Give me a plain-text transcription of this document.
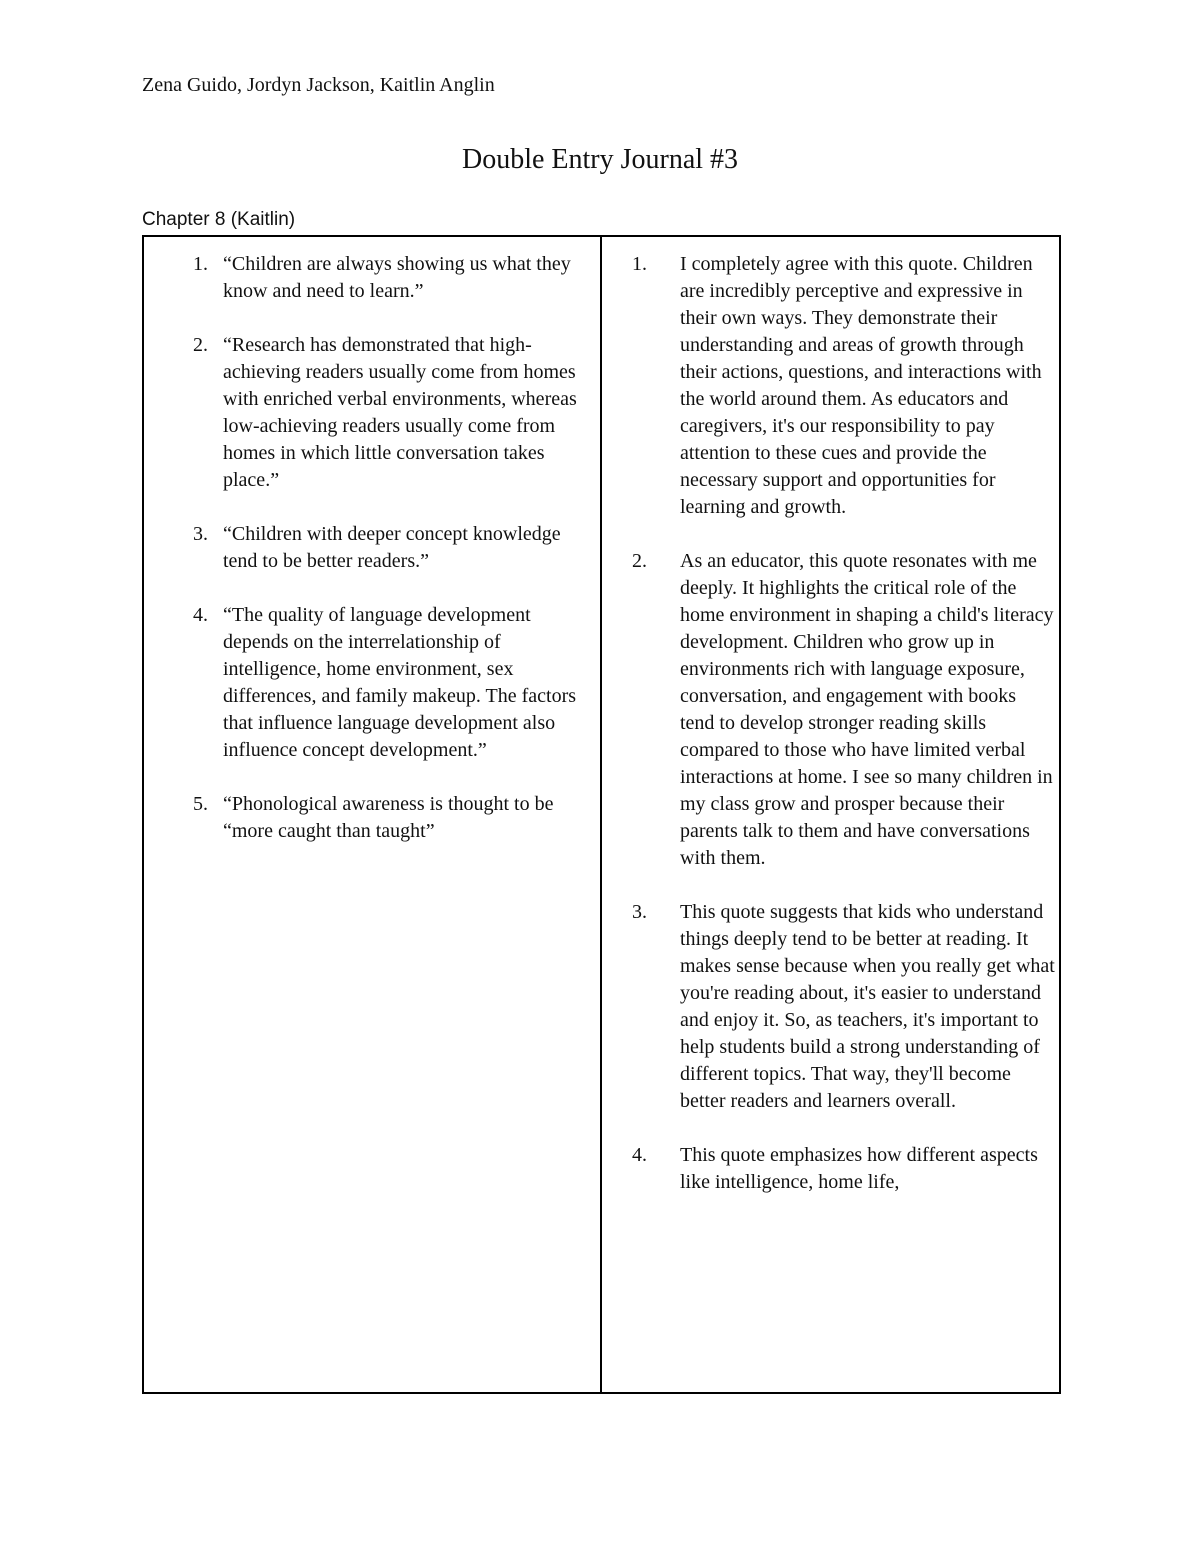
Zena Guido, Jordyn Jackson, Kaitlin Anglin
Double Entry Journal #3
Chapter 8 (Kaitlin)
1. “Children are always showing us what they know and need to learn.”
2. “Research has demonstrated that high-achieving readers usually come from homes with enriched verbal environments, whereas low-achieving readers usually come from homes in which little conversation takes place.”
3. “Children with deeper concept knowledge tend to be better readers.”
4. “The quality of language development depends on the interrelationship of intelligence, home environment, sex differences, and family makeup. The factors that influence language development also influence concept development.”
5. “Phonological awareness is thought to be “more caught than taught”
1. I completely agree with this quote. Children are incredibly perceptive and expressive in their own ways. They demonstrate their understanding and areas of growth through their actions, questions, and interactions with the world around them. As educators and caregivers, it's our responsibility to pay attention to these cues and provide the necessary support and opportunities for learning and growth.
2. As an educator, this quote resonates with me deeply. It highlights the critical role of the home environment in shaping a child's literacy development. Children who grow up in environments rich with language exposure, conversation, and engagement with books tend to develop stronger reading skills compared to those who have limited verbal interactions at home. I see so many children in my class grow and prosper because their parents talk to them and have conversations with them.
3. This quote suggests that kids who understand things deeply tend to be better at reading. It makes sense because when you really get what you're reading about, it's easier to understand and enjoy it. So, as teachers, it's important to help students build a strong understanding of different topics. That way, they'll become better readers and learners overall.
4. This quote emphasizes how different aspects like intelligence, home life,
